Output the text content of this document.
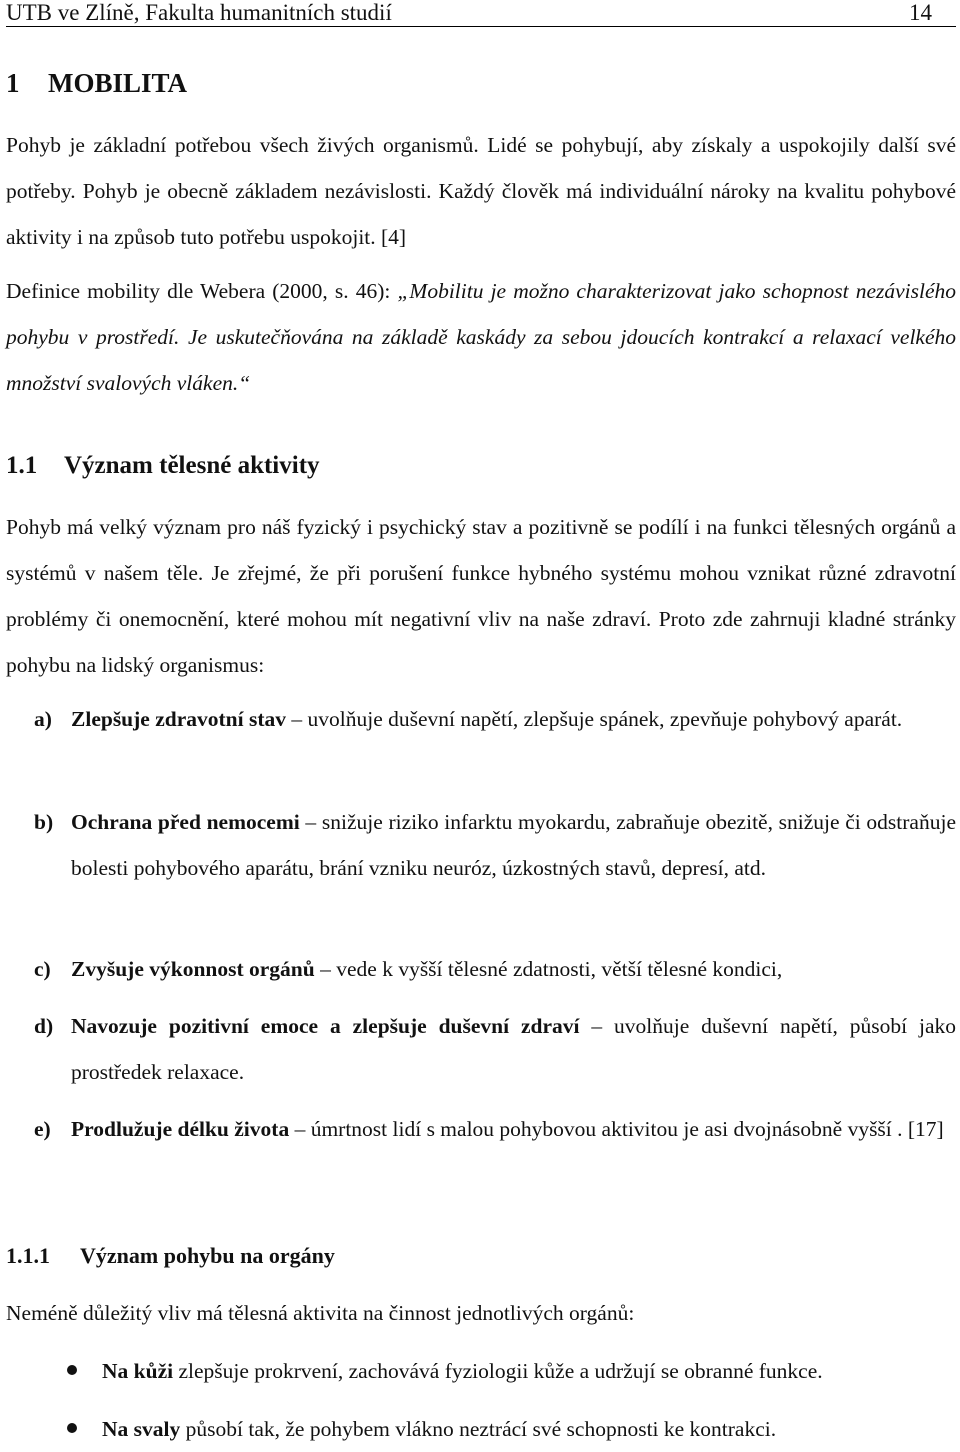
UTB ve Zlíně, Fakulta humanitních studií	14
1 MOBILITA

Pohyb je základní potřebou všech živých organismů. Lidé se pohybují, aby získaly a uspokojily další své potřeby. Pohyb je obecně základem nezávislosti. Každý člověk má individuální nároky na kvalitu pohybové aktivity i na způsob tuto potřebu uspokojit. [4]

Definice mobility dle Webera (2000, s. 46): „Mobilitu je možno charakterizovat jako schopnost nezávislého pohybu v prostředí. Je uskutečňována na základě kaskády za sebou jdoucích kontrakcí a relaxací velkého množství svalových vláken.“

1.1 Význam tělesné aktivity

Pohyb má velký význam pro náš fyzický i psychický stav a pozitivně se podílí i na funkci tělesných orgánů a systémů v našem těle. Je zřejmé, že při porušení funkce hybného systému mohou vznikat různé zdravotní problémy či onemocnění, které mohou mít negativní vliv na naše zdraví. Proto zde zahrnuji kladné stránky pohybu na lidský organismus:

a) Zlepšuje zdravotní stav – uvolňuje duševní napětí, zlepšuje spánek, zpevňuje pohybový aparát.
b) Ochrana před nemocemi – snižuje riziko infarktu myokardu, zabraňuje obezitě, snižuje či odstraňuje bolesti pohybového aparátu, brání vzniku neuróz, úzkostných stavů, depresí, atd.
c) Zvyšuje výkonnost orgánů – vede k vyšší tělesné zdatnosti, větší tělesné kondici,
d) Navozuje pozitivní emoce a zlepšuje duševní zdraví – uvolňuje duševní napětí, působí jako prostředek relaxace.
e) Prodlužuje délku života – úmrtnost lidí s malou pohybovou aktivitou je asi dvojnásobně vyšší . [17]
1.1.1 Význam pohybu na orgány

Neméně důležitý vliv má tělesná aktivita na činnost jednotlivých orgánů:

Na kůži zlepšuje prokrvení, zachovává fyziologii kůže a udržují se obranné funkce.
Na svaly působí tak, že pohybem vlákno neztrácí své schopnosti ke kontrakci.
